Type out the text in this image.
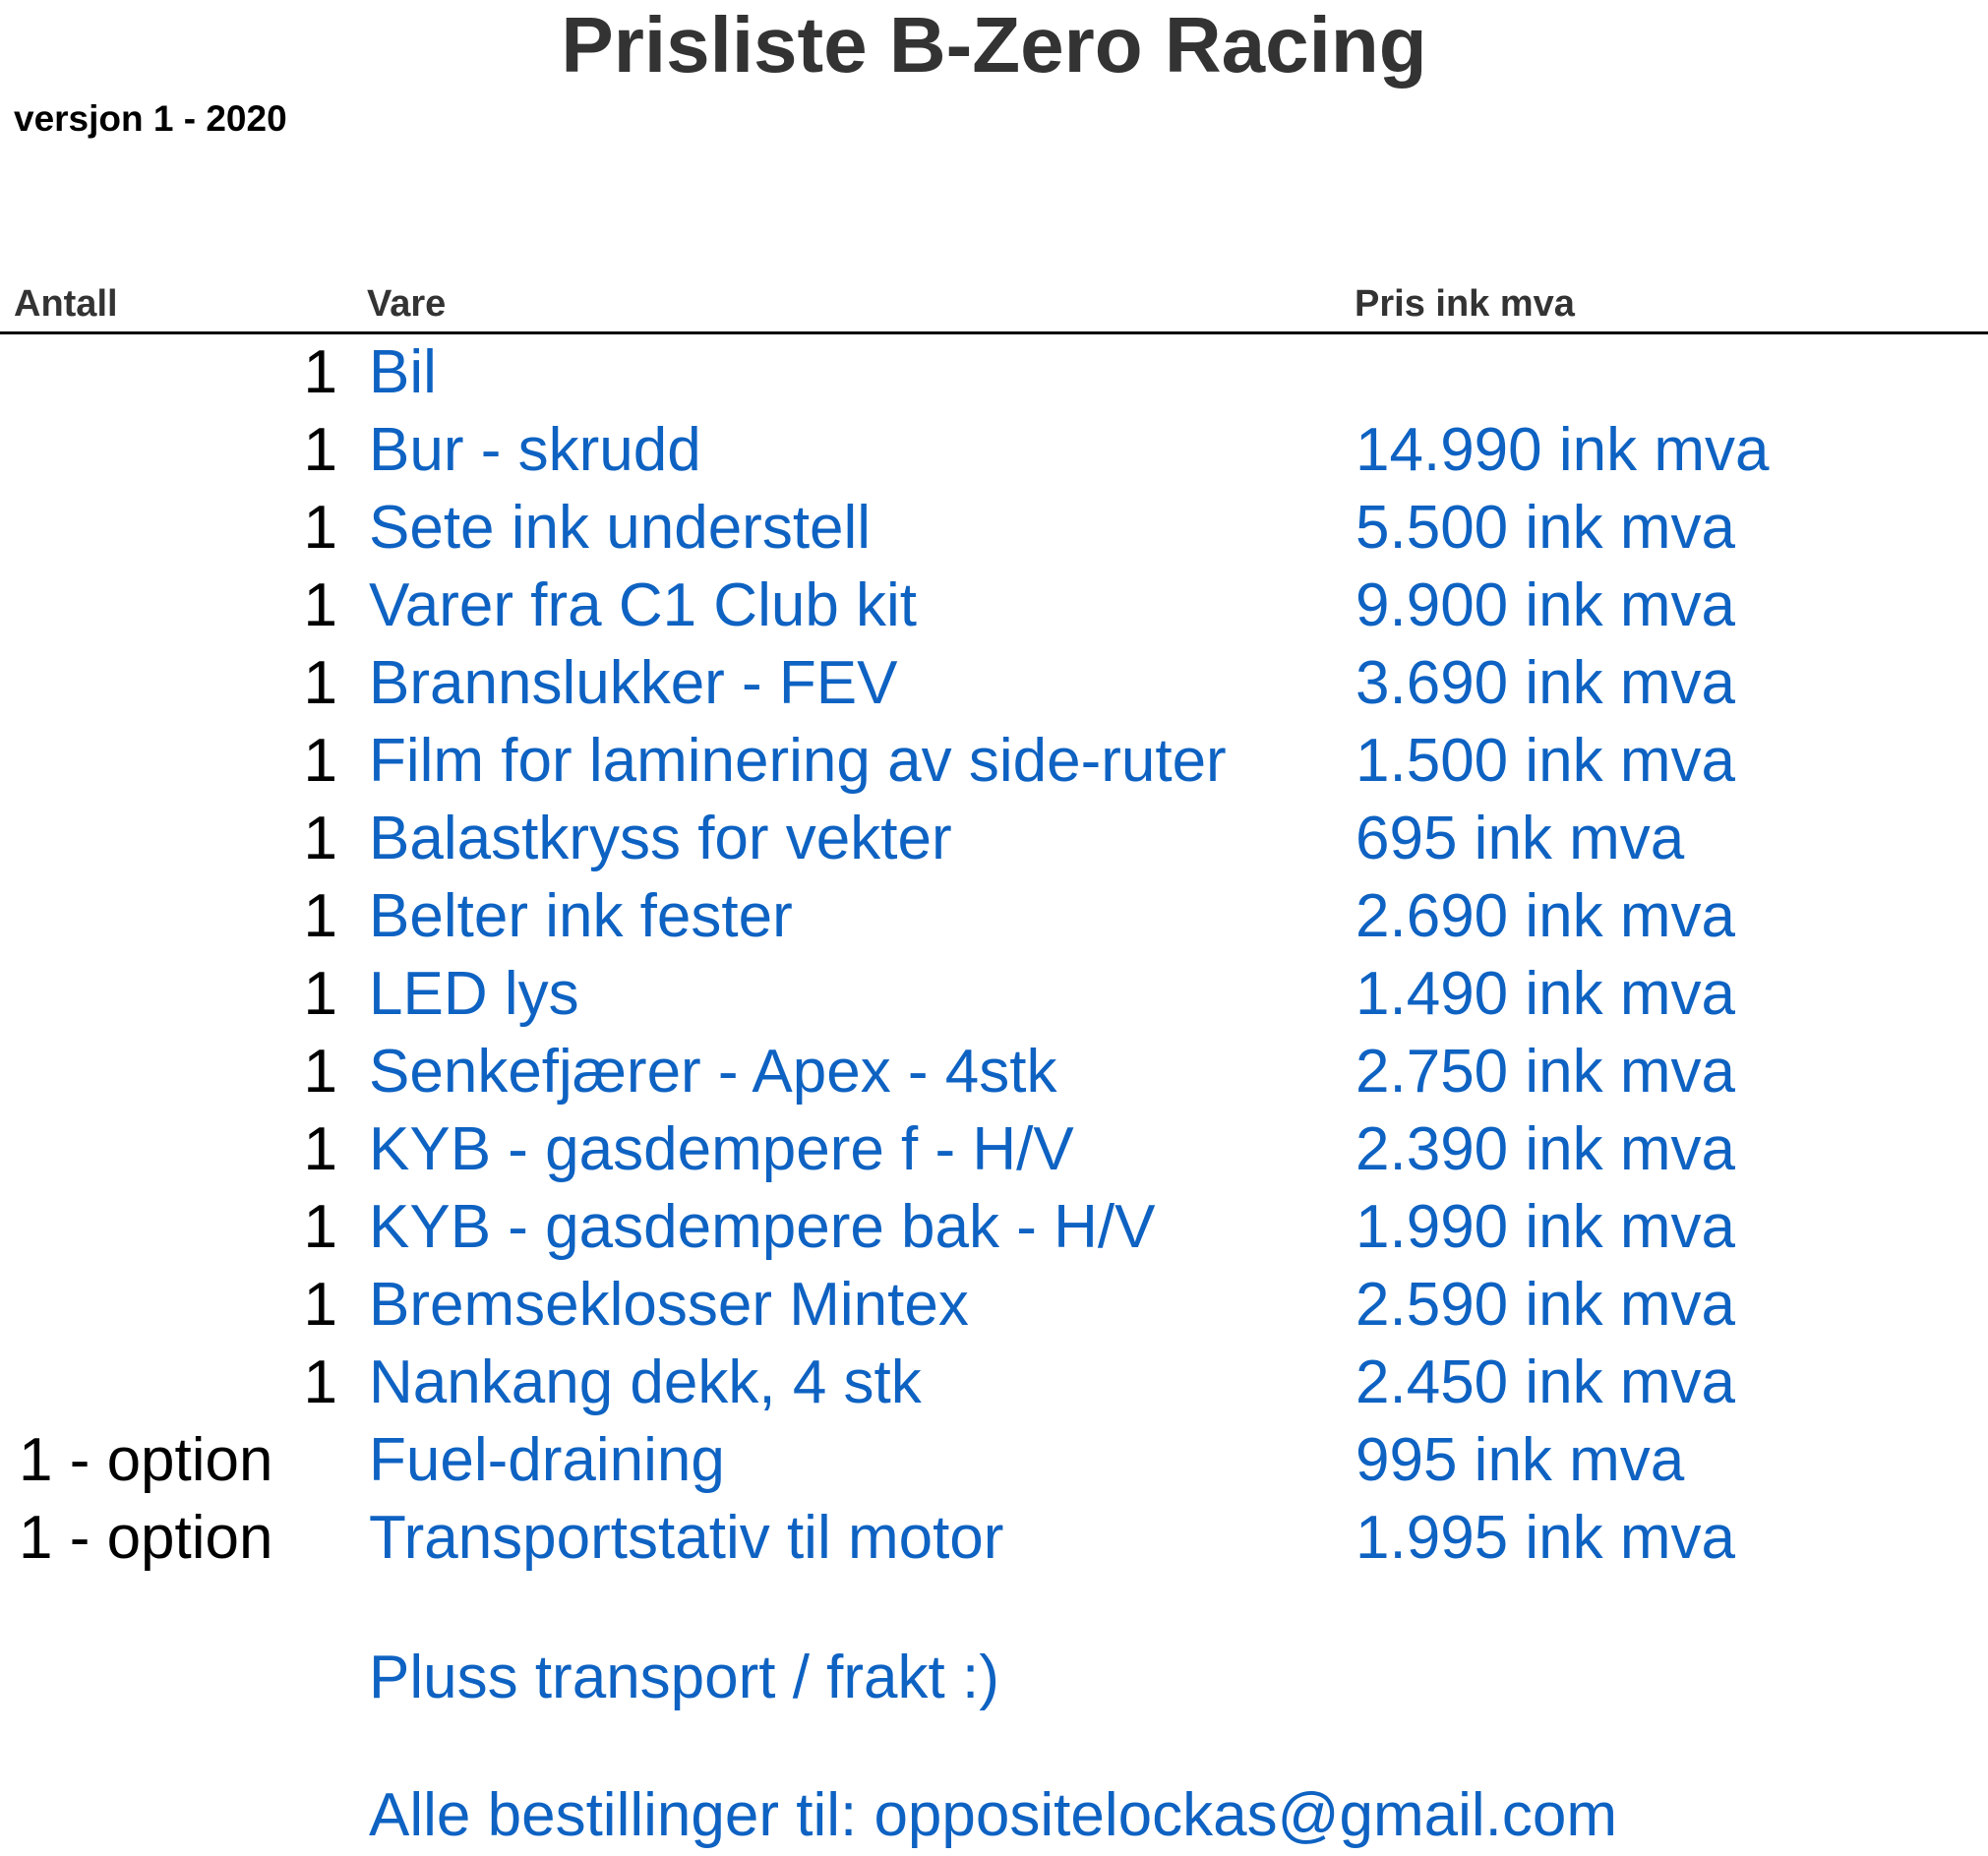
Prisliste B-Zero Racing
versjon 1 - 2020
Antall	Vare	Pris ink mva
1 Bil
1 Bur - skrudd	14.990 ink mva
1 Sete ink understell	5.500 ink mva
1 Varer fra C1 Club kit	9.900 ink mva
1 Brannslukker - FEV	3.690 ink mva
1 Film for laminering av side-ruter 1.500 ink mva
1 Balastkryss for vekter	695 ink mva
1 Belter ink fester	2.690 ink mva
1 LED lys	1.490 ink mva
1 Senkefjærer - Apex - 4stk	2.750 ink mva
1 KYB - gasdempere f - H/V	2.390 ink mva
1 KYB - gasdempere bak - H/V	1.990 ink mva
1 Bremseklosser Mintex	2.590 ink mva
1 Nankang dekk, 4 stk	2.450 ink mva
1 - option Fuel-draining	995 ink mva
1 - option Transportstativ til motor	1.995 ink mva
Pluss transport / frakt :)
Alle bestillinger til: oppositelockas@gmail.com
